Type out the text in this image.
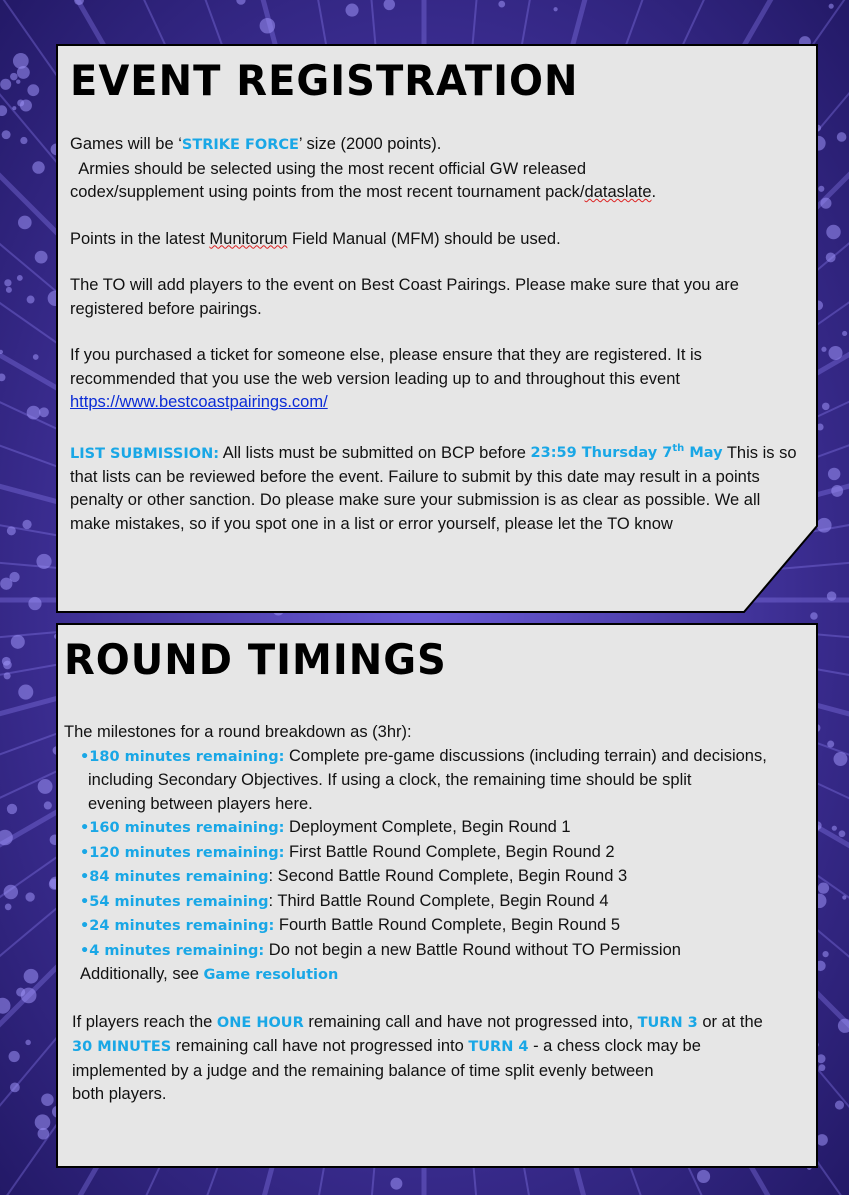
EVENT REGISTRATION

Games will be ‘STRIKE FORCE’ size (2000 points).

Armies should be selected using the most recent official GW released

codex/supplement using points from the most recent tournament pack/dataslate.

Points in the latest Munitorum Field Manual (MFM) should be used.

The TO will add players to the event on Best Coast Pairings. Please make sure that you are registered before pairings.

If you purchased a ticket for someone else, please ensure that they are registered. It is recommended that you use the web version leading up to and throughout this event

https://www.bestcoastpairings.com/

LIST SUBMISSION: All lists must be submitted on BCP before 23:59 Thursday 7th May This is so that lists can be reviewed before the event. Failure to submit by this date may result in a points penalty or other sanction. Do please make sure your submission is as clear as possible. We all make mistakes, so if you spot one in a list or error yourself, please let the TO know

ROUND TIMINGS

The milestones for a round breakdown as (3hr):

•180 minutes remaining: Complete pre-game discussions (including terrain) and decisions,

including Secondary Objectives. If using a clock, the remaining time should be split

evening between players here.

•160 minutes remaining: Deployment Complete, Begin Round 1

•120 minutes remaining: First Battle Round Complete, Begin Round 2

•84 minutes remaining: Second Battle Round Complete, Begin Round 3

•54 minutes remaining: Third Battle Round Complete, Begin Round 4

•24 minutes remaining: Fourth Battle Round Complete, Begin Round 5

•4 minutes remaining: Do not begin a new Battle Round without TO Permission

Additionally, see Game resolution

If players reach the ONE HOUR remaining call and have not progressed into, TURN 3 or at the

30 MINUTES remaining call have not progressed into TURN 4 - a chess clock may be

implemented by a judge and the remaining balance of time split evenly between

both players.
